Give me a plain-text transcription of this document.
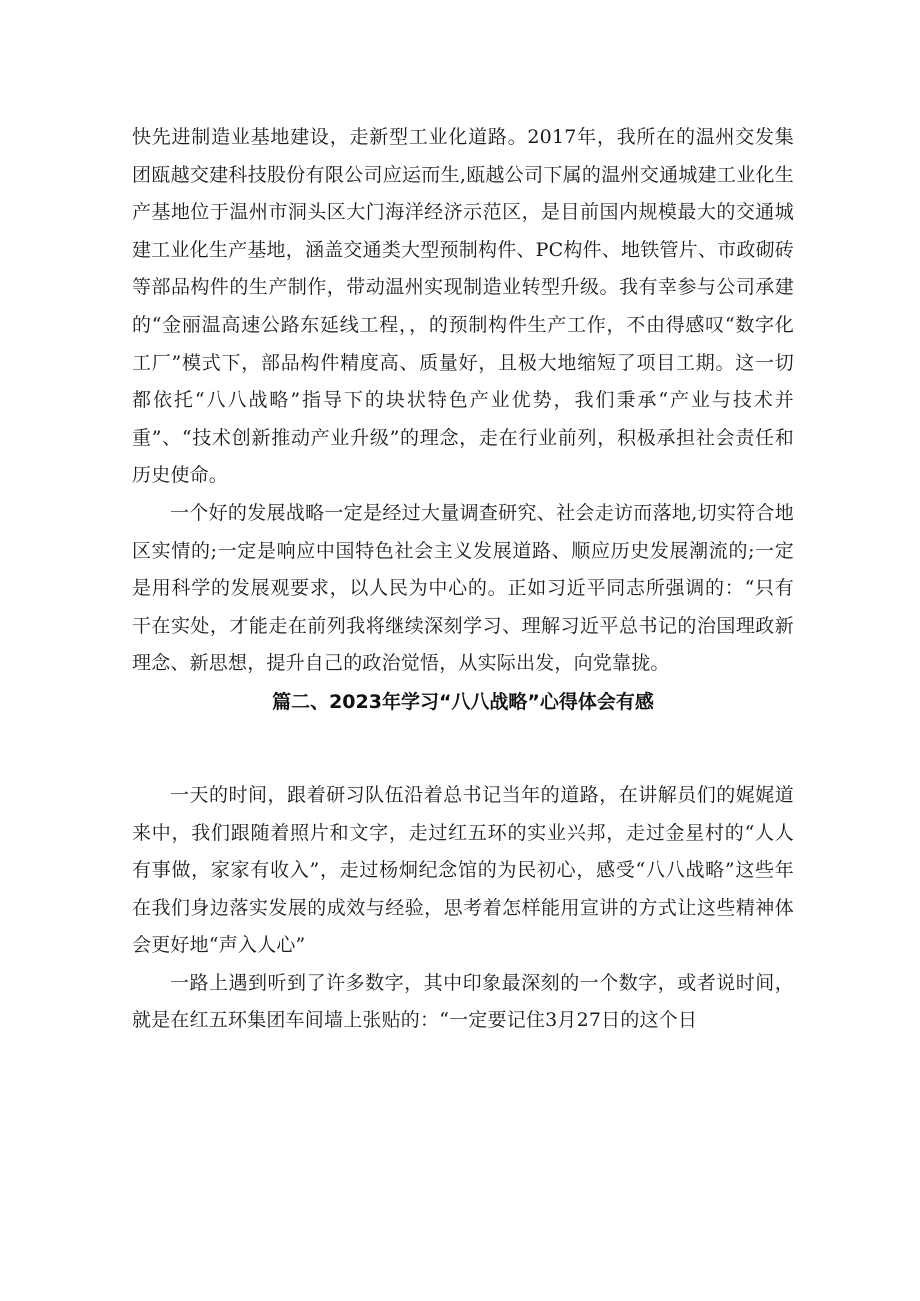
快先进制造业基地建设，走新型工业化道路。2017年，我所在的温州交发集团瓯越交建科技股份有限公司应运而生,瓯越公司下属的温州交通城建工业化生产基地位于温州市洞头区大门海洋经济示范区，是目前国内规模最大的交通城建工业化生产基地，涵盖交通类大型预制构件、PC构件、地铁管片、市政砌砖等部品构件的生产制作，带动温州实现制造业转型升级。我有幸参与公司承建的“金丽温高速公路东延线工程，，的预制构件生产工作，不由得感叹“数字化工厂”模式下，部品构件精度高、质量好，且极大地缩短了项目工期。这一切都依托“八八战略”指导下的块状特色产业优势，我们秉承“产业与技术并重”、“技术创新推动产业升级”的理念，走在行业前列，积极承担社会责任和历史使命。

一个好的发展战略一定是经过大量调查研究、社会走访而落地,切实符合地区实情的;一定是响应中国特色社会主义发展道路、顺应历史发展潮流的;一定是用科学的发展观要求，以人民为中心的。正如习近平同志所强调的：“只有干在实处，才能走在前列我将继续深刻学习、理解习近平总书记的治国理政新理念、新思想，提升自己的政治觉悟，从实际出发，向党靠拢。

篇二、2023年学习“八八战略”心得体会有感

一天的时间，跟着研习队伍沿着总书记当年的道路，在讲解员们的娓娓道来中，我们跟随着照片和文字，走过红五环的实业兴邦，走过金星村的“人人有事做，家家有收入”，走过杨炯纪念馆的为民初心，感受“八八战略”这些年在我们身边落实发展的成效与经验，思考着怎样能用宣讲的方式让这些精神体会更好地“声入人心”

一路上遇到听到了许多数字，其中印象最深刻的一个数字，或者说时间，就是在红五环集团车间墙上张贴的：“一定要记住3月27日的这个日
